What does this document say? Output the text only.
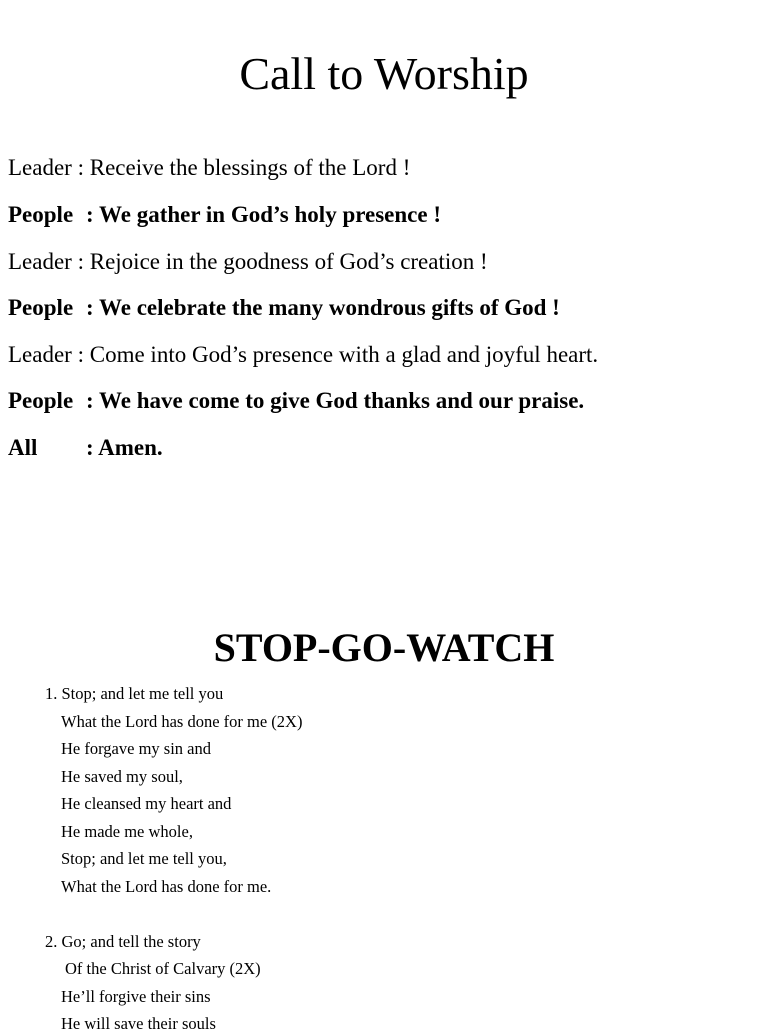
Call to Worship
Leader : Receive the blessings of the Lord !
People : We gather in God’s holy presence !
Leader : Rejoice in the goodness of God’s creation !
People : We celebrate the many wondrous gifts of God !
Leader : Come into God’s presence with a glad and joyful heart.
People : We have come to give God thanks and our praise.
All : Amen.
STOP-GO-WATCH
1. Stop; and let me tell you
What the Lord has done for me (2X)
He forgave my sin and
He saved my soul,
He cleansed my heart and
He made me whole,
Stop; and let me tell you,
What the Lord has done for me.
2. Go; and tell the story
Of the Christ of Calvary (2X)
He’ll forgive their sins
He will save their souls
